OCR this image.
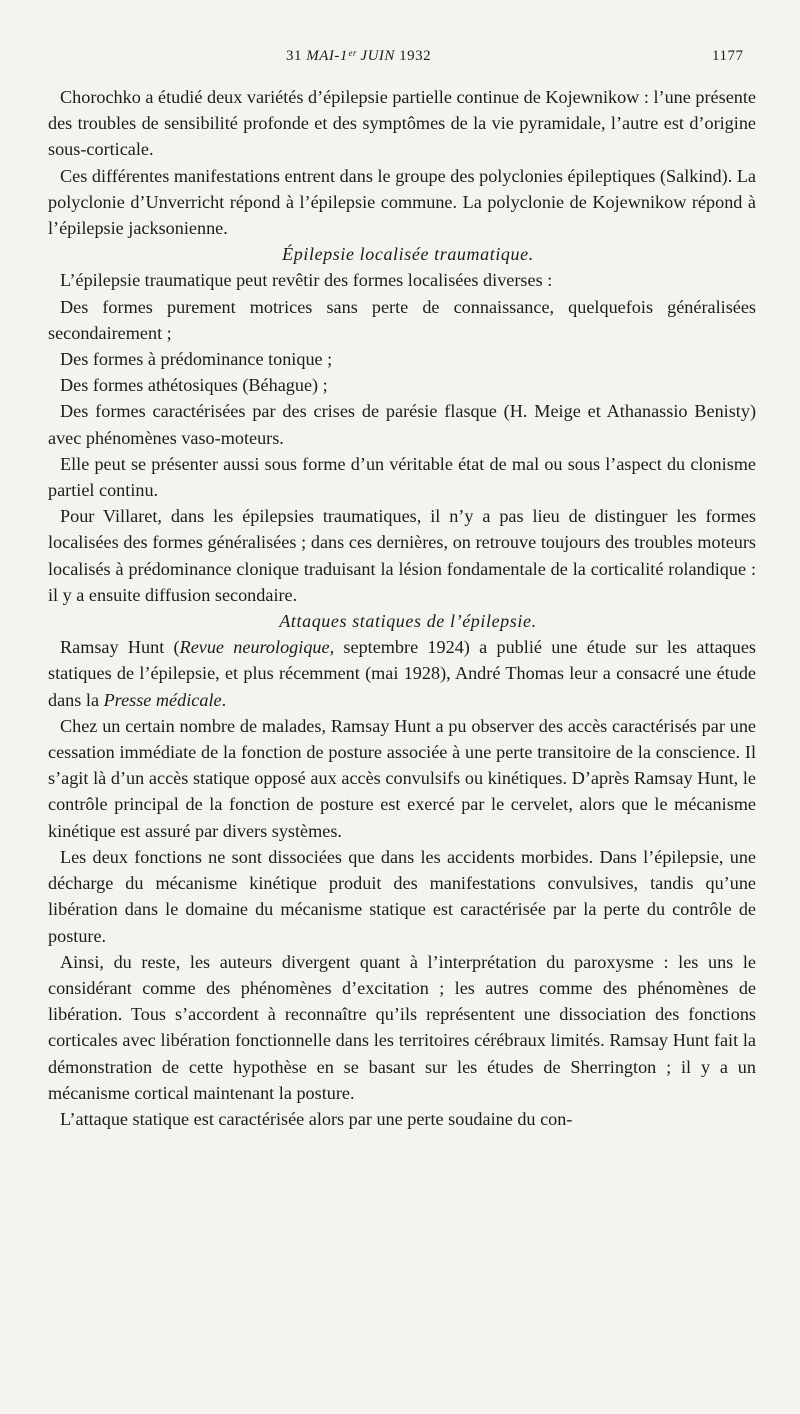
31 MAI-1ᵉʳ JUIN 1932	1177

Chorochko a étudié deux variétés d’épilepsie partielle continue de Kojewnikow : l’une présente des troubles de sensibilité profonde et des symptômes de la vie pyramidale, l’autre est d’origine sous-corticale.

Ces différentes manifestations entrent dans le groupe des polyclonies épileptiques (Salkind). La polyclonie d’Unverricht répond à l’épilepsie commune. La polyclonie de Kojewnikow répond à l’épilepsie jacksonienne.

Épilepsie localisée traumatique.

L’épilepsie traumatique peut revêtir des formes localisées diverses :

Des formes purement motrices sans perte de connaissance, quelquefois généralisées secondairement ;

Des formes à prédominance tonique ;

Des formes athétosiques (Béhague) ;

Des formes caractérisées par des crises de parésie flasque (H. Meige et Athanassio Benisty) avec phénomènes vaso-moteurs.

Elle peut se présenter aussi sous forme d’un véritable état de mal ou sous l’aspect du clonisme partiel continu.

Pour Villaret, dans les épilepsies traumatiques, il n’y a pas lieu de distinguer les formes localisées des formes généralisées ; dans ces dernières, on retrouve toujours des troubles moteurs localisés à prédominance clonique traduisant la lésion fondamentale de la corticalité rolandique : il y a ensuite diffusion secondaire.

Attaques statiques de l’épilepsie.

Ramsay Hunt (Revue neurologique, septembre 1924) a publié une étude sur les attaques statiques de l’épilepsie, et plus récemment (mai 1928), André Thomas leur a consacré une étude dans la Presse médicale.

Chez un certain nombre de malades, Ramsay Hunt a pu observer des accès caractérisés par une cessation immédiate de la fonction de posture associée à une perte transitoire de la conscience. Il s’agit là d’un accès statique opposé aux accès convulsifs ou kinétiques. D’après Ramsay Hunt, le contrôle principal de la fonction de posture est exercé par le cervelet, alors que le mécanisme kinétique est assuré par divers systèmes.

Les deux fonctions ne sont dissociées que dans les accidents morbides. Dans l’épilepsie, une décharge du mécanisme kinétique produit des manifestations convulsives, tandis qu’une libération dans le domaine du mécanisme statique est caractérisée par la perte du contrôle de posture.

Ainsi, du reste, les auteurs divergent quant à l’interprétation du paroxysme : les uns le considérant comme des phénomènes d’excitation ; les autres comme des phénomènes de libération. Tous s’accordent à reconnaître qu’ils représentent une dissociation des fonctions corticales avec libération fonctionnelle dans les territoires cérébraux limités. Ramsay Hunt fait la démonstration de cette hypothèse en se basant sur les études de Sherrington ; il y a un mécanisme cortical maintenant la posture.

L’attaque statique est caractérisée alors par une perte soudaine du con-
